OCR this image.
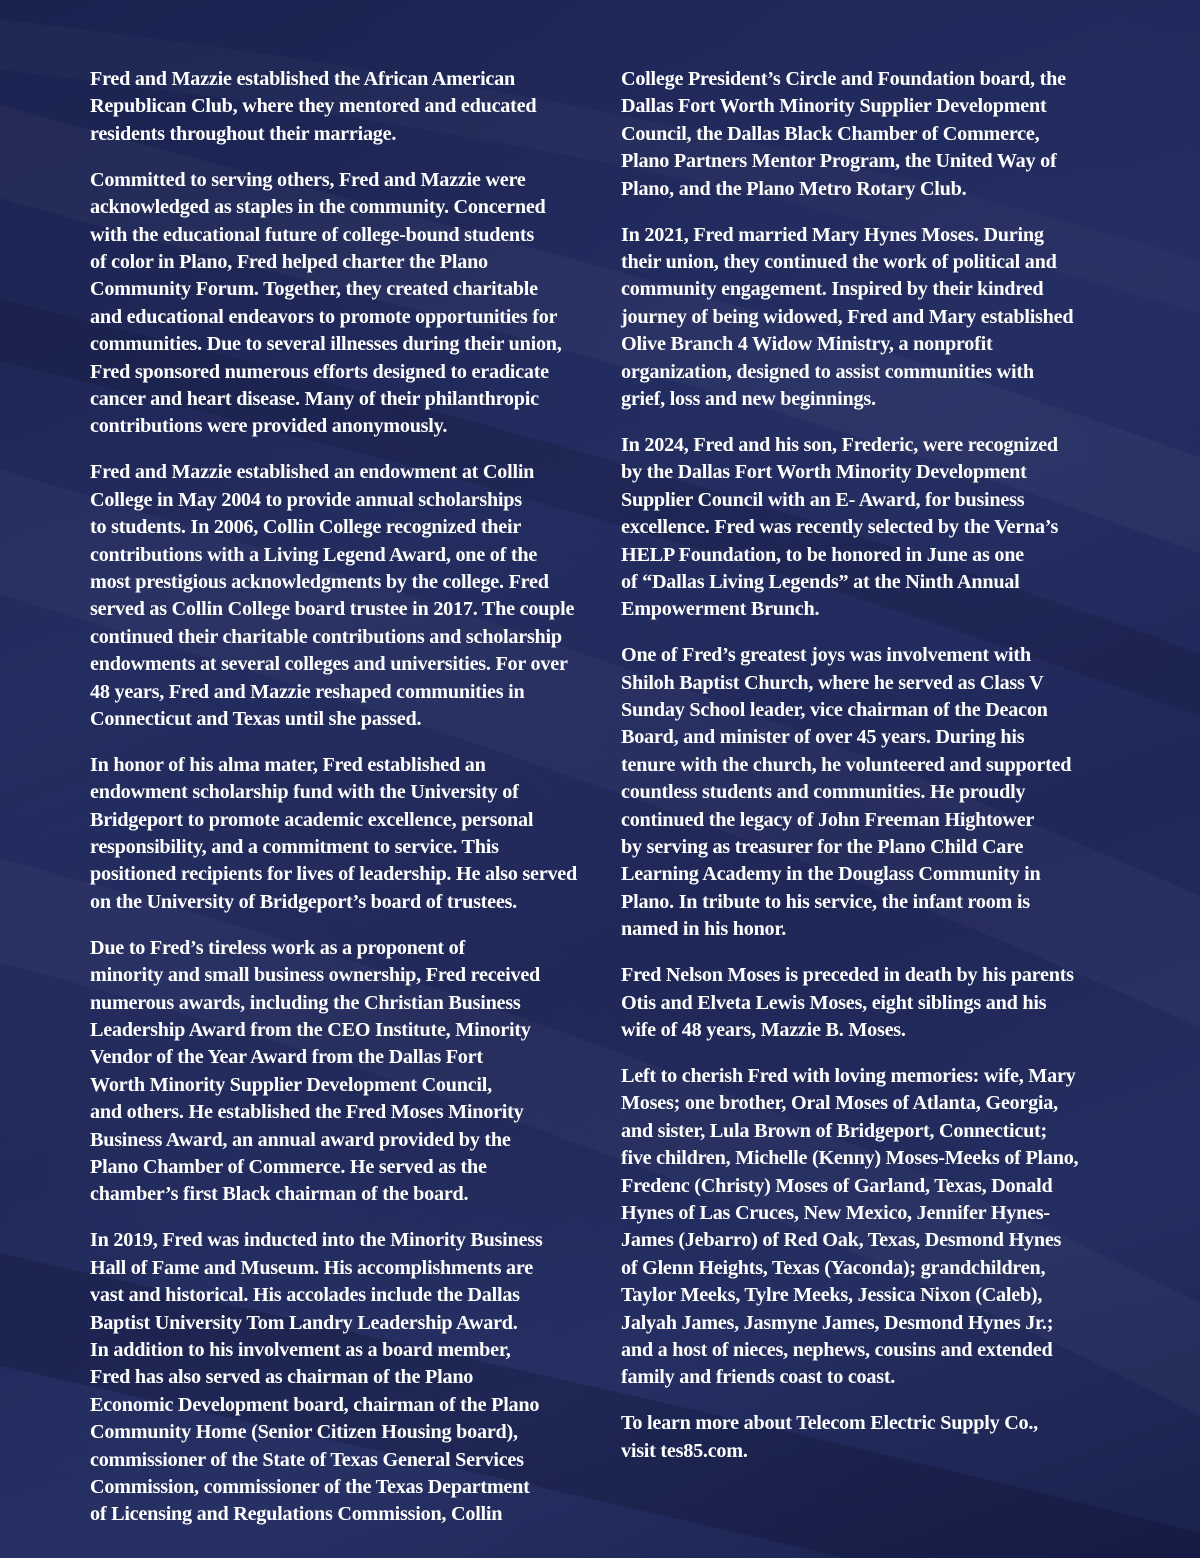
Fred and Mazzie established the African American
Republican Club, where they mentored and educated
residents throughout their marriage.

Committed to serving others, Fred and Mazzie were
acknowledged as staples in the community. Concerned
with the educational future of college-bound students
of color in Plano, Fred helped charter the Plano
Community Forum. Together, they created charitable
and educational endeavors to promote opportunities for
communities. Due to several illnesses during their union,
Fred sponsored numerous efforts designed to eradicate
cancer and heart disease. Many of their philanthropic
contributions were provided anonymously.

Fred and Mazzie established an endowment at Collin
College in May 2004 to provide annual scholarships
to students. In 2006, Collin College recognized their
contributions with a Living Legend Award, one of the
most prestigious acknowledgments by the college. Fred
served as Collin College board trustee in 2017. The couple
continued their charitable contributions and scholarship
endowments at several colleges and universities. For over
48 years, Fred and Mazzie reshaped communities in
Connecticut and Texas until she passed.

In honor of his alma mater, Fred established an
endowment scholarship fund with the University of
Bridgeport to promote academic excellence, personal
responsibility, and a commitment to service. This
positioned recipients for lives of leadership. He also served
on the University of Bridgeport’s board of trustees.

Due to Fred’s tireless work as a proponent of
minority and small business ownership, Fred received
numerous awards, including the Christian Business
Leadership Award from the CEO Institute, Minority
Vendor of the Year Award from the Dallas Fort
Worth Minority Supplier Development Council,
and others. He established the Fred Moses Minority
Business Award, an annual award provided by the
Plano Chamber of Commerce. He served as the
chamber’s first Black chairman of the board.

In 2019, Fred was inducted into the Minority Business
Hall of Fame and Museum. His accomplishments are
vast and historical. His accolades include the Dallas
Baptist University Tom Landry Leadership Award.
In addition to his involvement as a board member,
Fred has also served as chairman of the Plano
Economic Development board, chairman of the Plano
Community Home (Senior Citizen Housing board),
commissioner of the State of Texas General Services
Commission, commissioner of the Texas Department
of Licensing and Regulations Commission, Collin

College President’s Circle and Foundation board, the
Dallas Fort Worth Minority Supplier Development
Council, the Dallas Black Chamber of Commerce,
Plano Partners Mentor Program, the United Way of
Plano, and the Plano Metro Rotary Club.

In 2021, Fred married Mary Hynes Moses. During
their union, they continued the work of political and
community engagement. Inspired by their kindred
journey of being widowed, Fred and Mary established
Olive Branch 4 Widow Ministry, a nonprofit
organization, designed to assist communities with
grief, loss and new beginnings.

In 2024, Fred and his son, Frederic, were recognized
by the Dallas Fort Worth Minority Development
Supplier Council with an E- Award, for business
excellence. Fred was recently selected by the Verna’s
HELP Foundation, to be honored in June as one
of “Dallas Living Legends” at the Ninth Annual
Empowerment Brunch.

One of Fred’s greatest joys was involvement with
Shiloh Baptist Church, where he served as Class V
Sunday School leader, vice chairman of the Deacon
Board, and minister of over 45 years. During his
tenure with the church, he volunteered and supported
countless students and communities. He proudly
continued the legacy of John Freeman Hightower
by serving as treasurer for the Plano Child Care
Learning Academy in the Douglass Community in
Plano. In tribute to his service, the infant room is
named in his honor.

Fred Nelson Moses is preceded in death by his parents
Otis and Elveta Lewis Moses, eight siblings and his
wife of 48 years, Mazzie B. Moses.

Left to cherish Fred with loving memories: wife, Mary
Moses; one brother, Oral Moses of Atlanta, Georgia,
and sister, Lula Brown of Bridgeport, Connecticut;
five children, Michelle (Kenny) Moses-Meeks of Plano,
Fredenc (Christy) Moses of Garland, Texas, Donald
Hynes of Las Cruces, New Mexico, Jennifer Hynes-
James (Jebarro) of Red Oak, Texas, Desmond Hynes
of Glenn Heights, Texas (Yaconda); grandchildren,
Taylor Meeks, Tylre Meeks, Jessica Nixon (Caleb),
Jalyah James, Jasmyne James, Desmond Hynes Jr.;
and a host of nieces, nephews, cousins and extended
family and friends coast to coast.

To learn more about Telecom Electric Supply Co.,
visit tes85.com.
